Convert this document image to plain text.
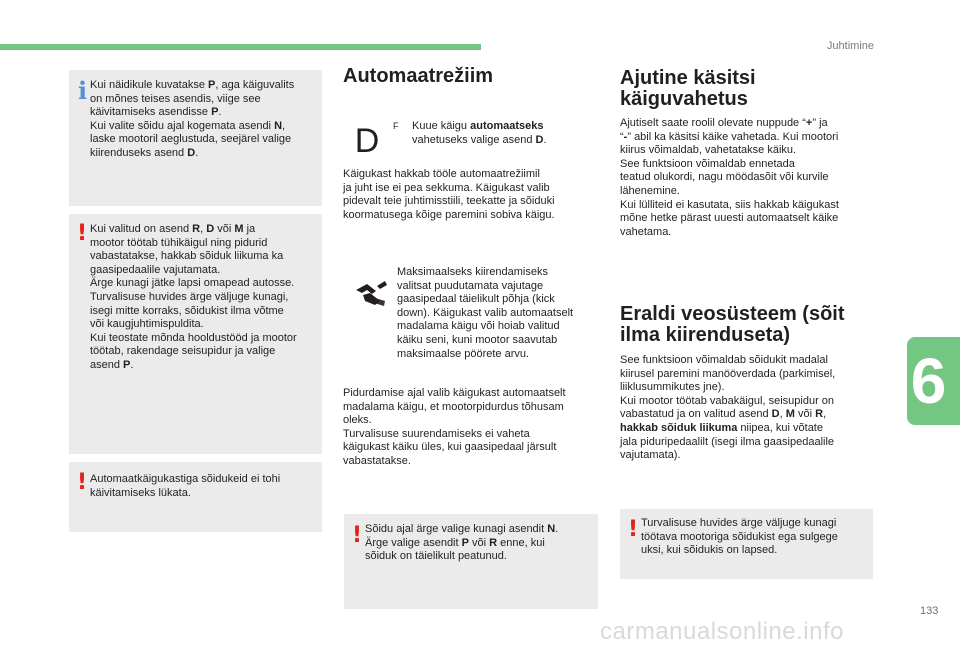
Juhtimine
i Kui näidikule kuvatakse P, aga käiguvalits

on mõnes teises asendis, viige see

käivitamiseks asendisse P.

Kui valite sõidu ajal kogemata asendi N,

laske mootoril aeglustuda, seejärel valige

kiirenduseks asend D.

! Kui valitud on asend R, D või M ja

mootor töötab tühikäigul ning pidurid

vabastatakse, hakkab sõiduk liikuma ka

gaasipedaalile vajutamata.

Ärge kunagi jätke lapsi omapead autosse.

Turvalisuse huvides ärge väljuge kunagi,

isegi mitte korraks, sõidukist ilma võtme

või kaugjuhtimispuldita.

Kui teostate mõnda hooldustööd ja mootor

töötab, rakendage seisupidur ja valige

asend P.

! Automaatkäigukastiga sõidukeid ei tohi

käivitamiseks lükata.

Automaatrežiim
D	F Kuue käigu automaatseks

vahetuseks valige asend D.

Käigukast hakkab tööle automaatrežiimil

ja juht ise ei pea sekkuma. Käigukast valib

pidevalt teie juhtimisstiili, teekatte ja sõiduki

koormatusega kõige paremini sobiva käigu.

Maksimaalseks kiirendamiseks

valitsat puudutamata vajutage

gaasipedaal täielikult põhja (kick

down). Käigukast valib automaatselt

madalama käigu või hoiab valitud

käiku seni, kuni mootor saavutab

maksimaalse pöörete arvu.

Pidurdamise ajal valib käigukast automaatselt

madalama käigu, et mootorpidurdus tõhusam

oleks.

Turvalisuse suurendamiseks ei vaheta

käigukast käiku üles, kui gaasipedaal järsult

vabastatakse.

! Sõidu ajal ärge valige kunagi asendit N.

Ärge valige asendit P või R enne, kui

sõiduk on täielikult peatunud.

Ajutine käsitsi
käiguvahetus

Ajutiselt saate roolil olevate nuppude “+” ja

“-” abil ka käsitsi käike vahetada. Kui mootori

kiirus võimaldab, vahetatakse käiku.

See funktsioon võimaldab ennetada

teatud olukordi, nagu möödasõit või kurvile

lähenemine.

Kui lülliteid ei kasutata, siis hakkab käigukast

mõne hetke pärast uuesti automaatselt käike

vahetama.

Eraldi veosüsteem (sõit
ilma kiirenduseta)

See funktsioon võimaldab sõidukit madalal

kiirusel paremini manööverdada (parkimisel,

liiklusummikutes jne).

Kui mootor töötab vabakäigul, seisupidur on

vabastatud ja on valitud asend D, M või R,

hakkab sõiduk liikuma niipea, kui võtate

jala piduripedaalilt (isegi ilma gaasipedaalile

vajutamata).

! Turvalisuse huvides ärge väljuge kunagi

töötava mootoriga sõidukist ega sulgege

uksi, kui sõidukis on lapsed.

6
133
carmanualsonline.info
